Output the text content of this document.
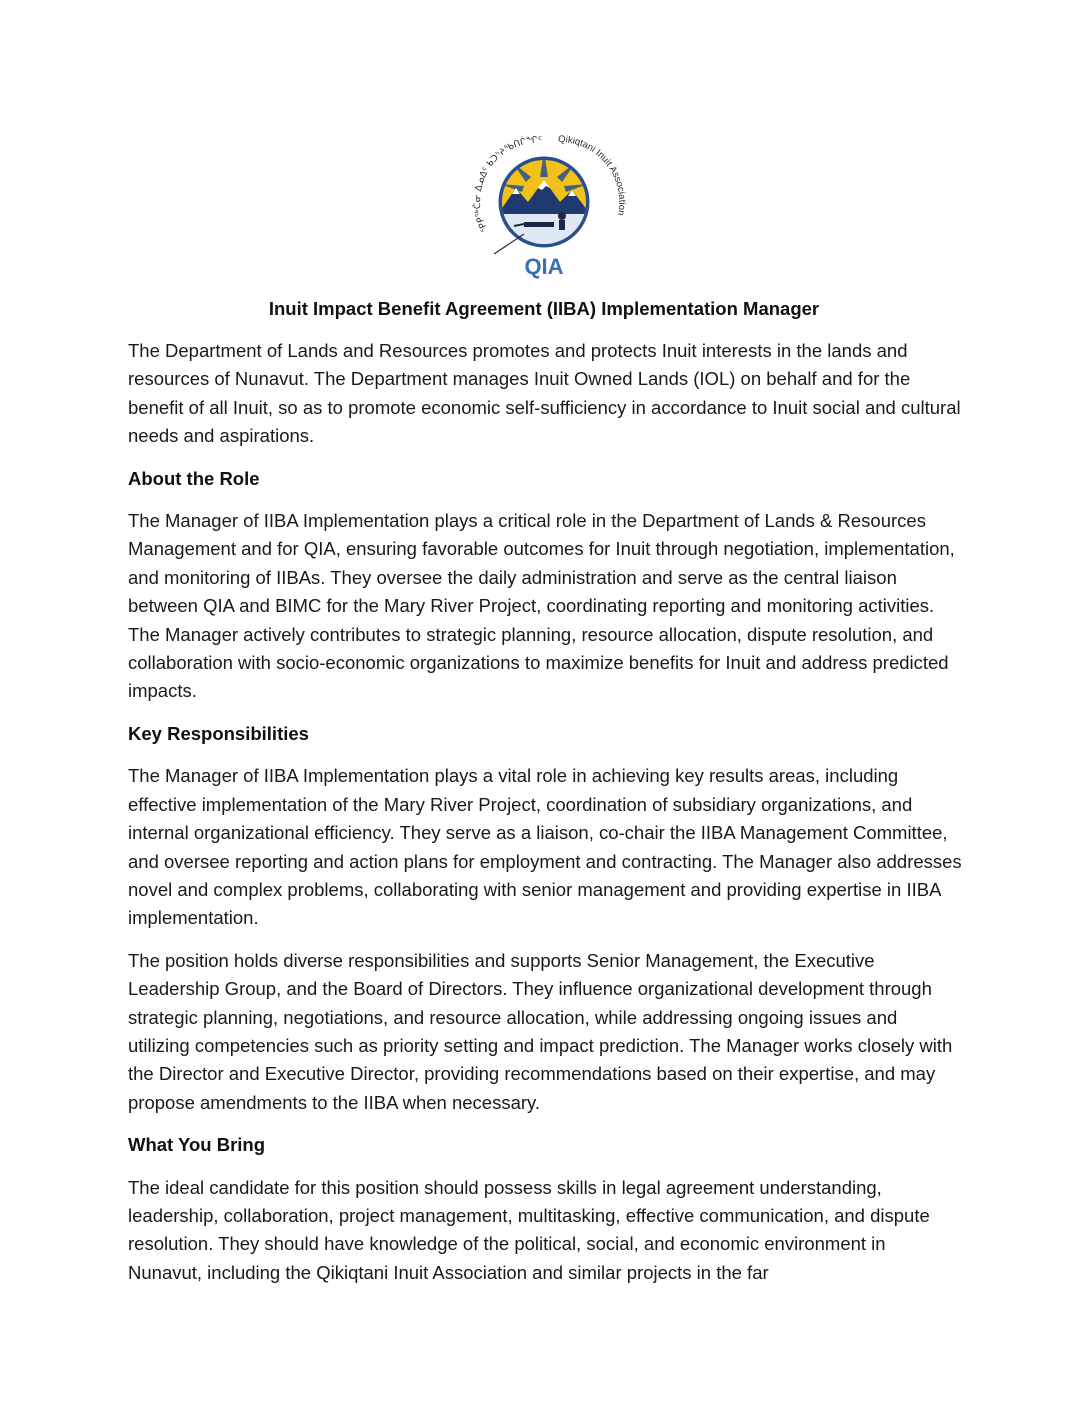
ᕿᑭᖅᑖᓂ ᐃᓄᐃᑦ ᑲᑐᔾᔨᖃᑎᒌᖏᑦ Qikiqtani Inuit Association
QIA
Inuit Impact Benefit Agreement (IIBA) Implementation Manager

The Department of Lands and Resources promotes and protects Inuit interests in the lands and resources of Nunavut. The Department manages Inuit Owned Lands (IOL) on behalf and for the benefit of all Inuit, so as to promote economic self-sufficiency in accordance to Inuit social and cultural needs and aspirations.

About the Role

The Manager of IIBA Implementation plays a critical role in the Department of Lands & Resources Management and for QIA, ensuring favorable outcomes for Inuit through negotiation, implementation, and monitoring of IIBAs. They oversee the daily administration and serve as the central liaison between QIA and BIMC for the Mary River Project, coordinating reporting and monitoring activities. The Manager actively contributes to strategic planning, resource allocation, dispute resolution, and collaboration with socio-economic organizations to maximize benefits for Inuit and address predicted impacts.

Key Responsibilities

The Manager of IIBA Implementation plays a vital role in achieving key results areas, including effective implementation of the Mary River Project, coordination of subsidiary organizations, and internal organizational efficiency. They serve as a liaison, co-chair the IIBA Management Committee, and oversee reporting and action plans for employment and contracting. The Manager also addresses novel and complex problems, collaborating with senior management and providing expertise in IIBA implementation.

The position holds diverse responsibilities and supports Senior Management, the Executive Leadership Group, and the Board of Directors. They influence organizational development through strategic planning, negotiations, and resource allocation, while addressing ongoing issues and utilizing competencies such as priority setting and impact prediction. The Manager works closely with the Director and Executive Director, providing recommendations based on their expertise, and may propose amendments to the IIBA when necessary.

What You Bring

The ideal candidate for this position should possess skills in legal agreement understanding, leadership, collaboration, project management, multitasking, effective communication, and dispute resolution. They should have knowledge of the political, social, and economic environment in Nunavut, including the Qikiqtani Inuit Association and similar projects in the far
